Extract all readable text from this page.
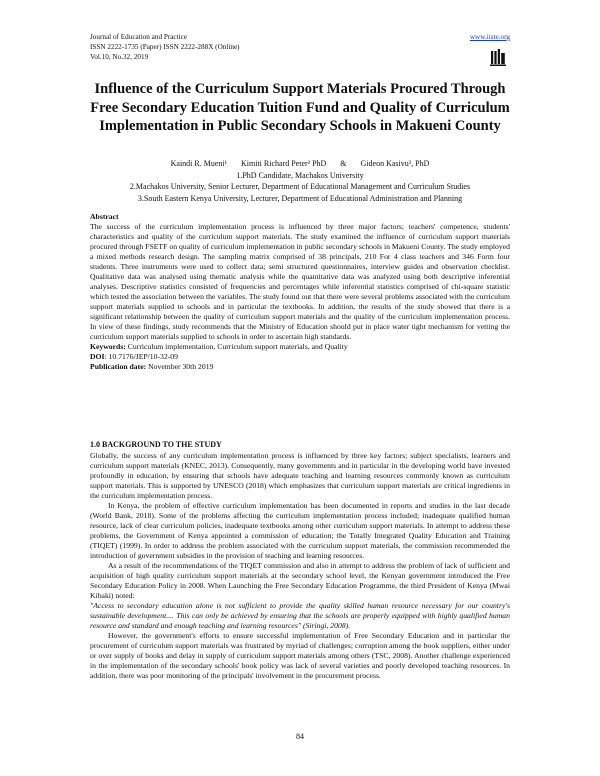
Journal of Education and Practice
ISSN 2222-1735 (Paper) ISSN 2222-288X (Online)
Vol.10, No.32, 2019
www.iiste.org
Influence of the Curriculum Support Materials Procured Through Free Secondary Education Tuition Fund and Quality of Curriculum Implementation in Public Secondary Schools in Makueni County
Kaindi R. Mueni¹ Kimiti Richard Peter² PhD & Gideon Kasivu³, PhD
1.PhD Candidate, Machakos University
2.Machakos University, Senior Lecturer, Department of Educational Management and Curriculum Studies
3.South Eastern Kenya University, Lecturer, Department of Educational Administration and Planning
Abstract
The success of the curriculum implementation process is influenced by three major factors; teachers' competence, students' characteristics and quality of the curriculum support materials. The study examined the influence of curriculum support materials procured through FSETF on quality of curriculum implementation in public secondary schools in Makueni County. The study employed a mixed methods research design. The sampling matrix comprised of 38 principals, 210 For 4 class teachers and 346 Form four students. Three instruments were used to collect data; semi structured questionnaires, interview guides and observation checklist. Qualitative data was analysed using thematic analysis while the quantitative data was analyzed using both descriptive inferential analyses. Descriptive statistics consisted of frequencies and percentages while inferential statistics comprised of chi-square statistic which tested the association between the variables. The study found out that there were several problems associated with the curriculum support materials supplied to schools and in particular the textbooks. In addition, the results of the study showed that there is a significant relationship between the quality of curriculum support materials and the quality of the curriculum implementation process. In view of these findings, study recommends that the Ministry of Education should put in place water tight mechanism for vetting the curriculum support materials supplied to schools in order to ascertain high standards.
Keywords: Curriculum implementation, Curriculum support materials, and Quality
DOI: 10.7176/JEP/10-32-09
Publication date: November 30th 2019
1.0 BACKGROUND TO THE STUDY

Globally, the success of any curriculum implementation process is influenced by three key factors; subject specialists, learners and curriculum support materials (KNEC, 2013). Consequently, many governments and in particular in the developing world have invested profoundly in education, by ensuring that schools have adequate teaching and learning resources commonly known as curriculum support materials. This is supported by UNESCO (2018) which emphasizes that curriculum support materials are critical ingredients in the curriculum implementation process.

In Kenya, the problem of effective curriculum implementation has been documented in reports and studies in the last decade (World Bank, 2018). Some of the problems affecting the curriculum implementation process included; inadequate qualified human resource, lack of clear curriculum policies, inadequate textbooks among other curriculum support materials. In attempt to address these problems, the Government of Kenya appointed a commission of education; the Totally Integrated Quality Education and Training (TIQET) (1999). In order to address the problem associated with the curriculum support materials, the commission recommended the introduction of government subsidies in the provision of teaching and learning resources.

As a result of the recommendations of the TIQET commission and also in attempt to address the problem of lack of sufficient and acquisition of high quality curriculum support materials at the secondary school level, the Kenyan government introduced the Free Secondary Education Policy in 2008. When Launching the Free Secondary Education Programme, the third President of Kenya (Mwai Kibaki) noted:

"Access to secondary education alone is not sufficient to provide the quality skilled human resource necessary for our country's sustainable development.... This can only be achieved by ensuring that the schools are properly equipped with highly qualified human resource and standard and enough teaching and learning resources" (Siringi, 2008).

However, the government's efforts to ensure successful implementation of Free Secondary Education and in particular the procurement of curriculum support materials was frustrated by myriad of challenges; corruption among the book suppliers, either under or over supply of books and delay in supply of curriculum support materials among others (TSC, 2008). Another challenge experienced in the implementation of the secondary schools' book policy was lack of several varieties and poorly developed teaching resources. In addition, there was poor monitoring of the principals' involvement in the procurement process.

84
